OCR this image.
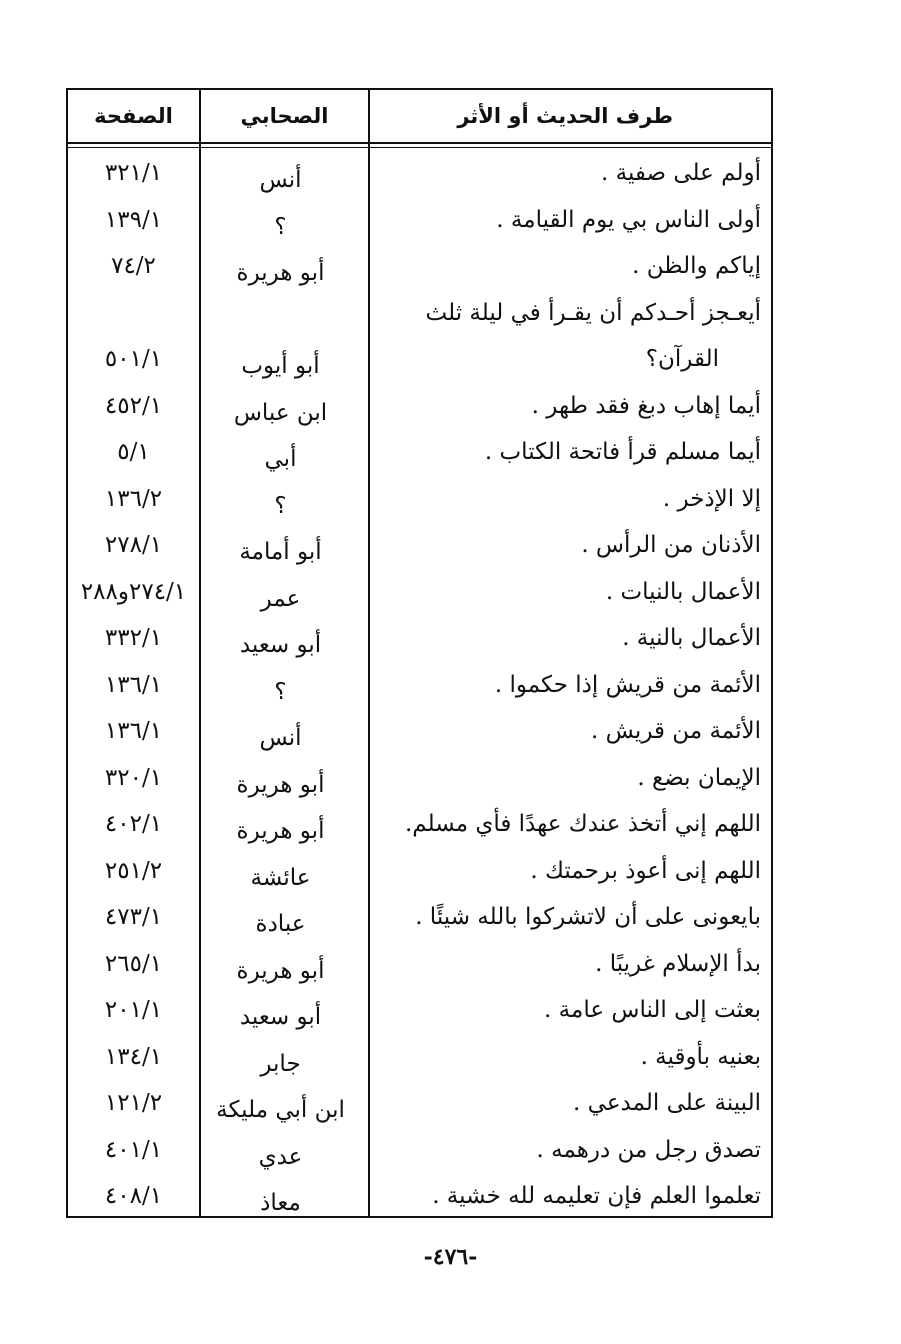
الصفحة	الصحابي	طرف الحديث أو الأثر
أولم على صفية .
أنس
٣٢١/١
أولى الناس بي يوم القيامة .
؟
١٣٩/١
إياكم والظن .
أبو هريرة
٧٤/٢
أيعـجز أحـدكم أن يقـرأ في ليلة ثلث
القرآن؟
أبو أيوب
٥٠١/١
أيما إهاب دبغ فقد طهر .
ابن عباس
٤٥٢/١
أيما مسلم قرأ فاتحة الكتاب .
أبي
٥/١
إلا الإذخر .
؟
١٣٦/٢
الأذنان من الرأس .
أبو أمامة
٢٧٨/١
الأعمال بالنيات .
عمر
٢٧٤/١و٢٨٨
الأعمال بالنية .
أبو سعيد
٣٣٢/١
الأئمة من قريش إذا حكموا .
؟
١٣٦/١
الأئمة من قريش .
أنس
١٣٦/١
الإيمان بضع .
أبو هريرة
٣٢٠/١
اللهم إني أتخذ عندك عهدًا فأي مسلم.
أبو هريرة
٤٠٢/١
اللهم إنى أعوذ برحمتك .
عائشة
٢٥١/٢
بايعونى على أن لاتشركوا بالله شيئًا .
عبادة
٤٧٣/١
بدأ الإسلام غريبًا .
أبو هريرة
٢٦٥/١
بعثت إلى الناس عامة .
أبو سعيد
٢٠١/١
بعنيه بأوقية .
جابر
١٣٤/١
البينة على المدعي .
ابن أبي مليكة
١٢١/٢
تصدق رجل من درهمه .
عدي
٤٠١/١
تعلموا العلم فإن تعليمه لله خشية .
معاذ
٤٠٨/١
-٤٧٦-
